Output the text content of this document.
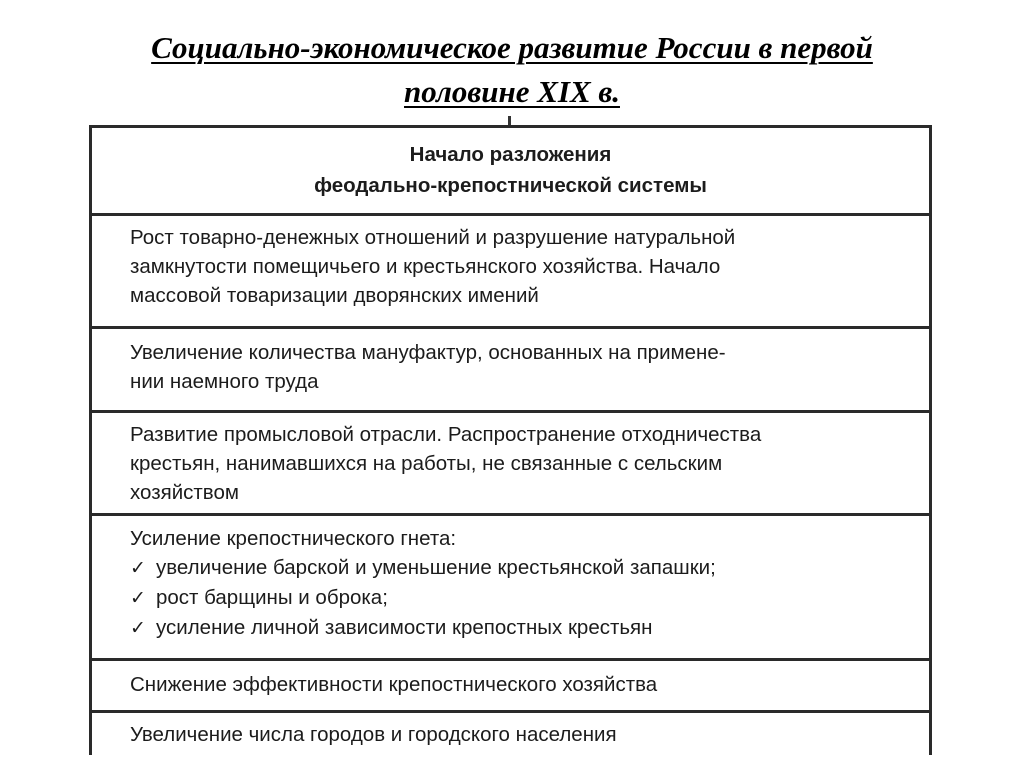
Социально-экономическое развитие России в первой
половине XIX в.
Начало разложения
феодально-крепостнической системы
Рост товарно-денежных отношений и разрушение натуральной
замкнутости помещичьего и крестьянского хозяйства. Начало
массовой товаризации дворянских имений
Увеличение количества мануфактур, основанных на примене-
нии наемного труда
Развитие промысловой отрасли. Распространение отходничества
крестьян, нанимавшихся на работы, не связанные с сельским
хозяйством
Усиление крепостнического гнета:
✓ увеличение барской и уменьшение крестьянской запашки;
✓ рост барщины и оброка;
✓ усиление личной зависимости крепостных крестьян
Снижение эффективности крепостнического хозяйства
Увеличение числа городов и городского населения
